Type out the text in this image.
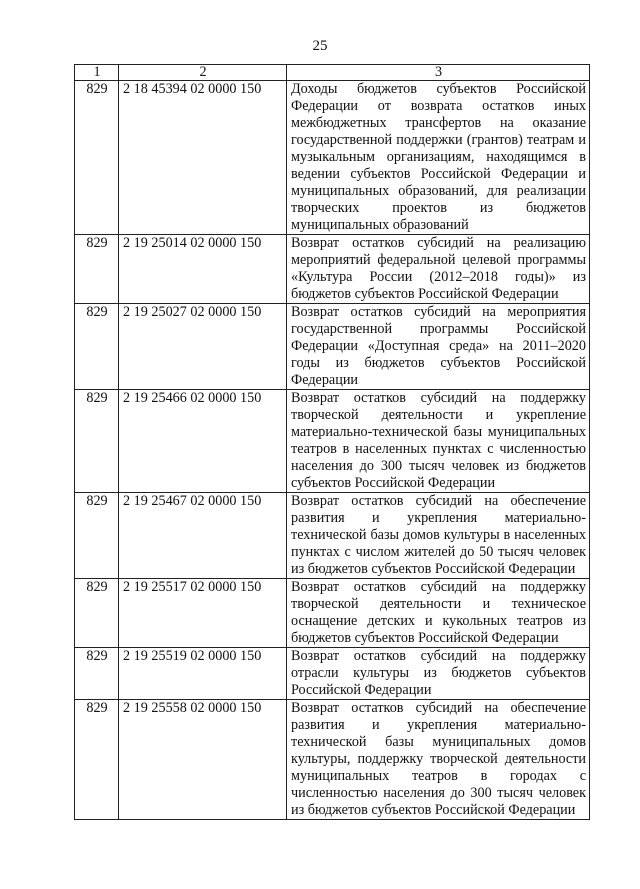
25
1	2	3
829	2 18 45394 02 0000 150	Доходы бюджетов субъектов Российской Федерации от возврата остатков иных межбюджетных трансфертов на оказание государственной поддержки (грантов) театрам и музыкальным организациям, находящимся в ведении субъектов Российской Федерации и муниципальных образований, для реализации творческих проектов из бюджетов муниципальных образований
829	2 19 25014 02 0000 150	Возврат остатков субсидий на реализацию мероприятий федеральной целевой программы «Культура России (2012–2018 годы)» из бюджетов субъектов Российской Федерации
829	2 19 25027 02 0000 150	Возврат остатков субсидий на мероприятия государственной программы Российской Федерации «Доступная среда» на 2011–2020 годы из бюджетов субъектов Российской Федерации
829	2 19 25466 02 0000 150	Возврат остатков субсидий на поддержку творческой деятельности и укрепление материально-технической базы муниципальных театров в населенных пунктах с численностью населения до 300 тысяч человек из бюджетов субъектов Российской Федерации
829	2 19 25467 02 0000 150	Возврат остатков субсидий на обеспечение развития и укрепления материально-технической базы домов культуры в населенных пунктах с числом жителей до 50 тысяч человек из бюджетов субъектов Российской Федерации
829	2 19 25517 02 0000 150	Возврат остатков субсидий на поддержку творческой деятельности и техническое оснащение детских и кукольных театров из бюджетов субъектов Российской Федерации
829	2 19 25519 02 0000 150	Возврат остатков субсидий на поддержку отрасли культуры из бюджетов субъектов Российской Федерации
829	2 19 25558 02 0000 150	Возврат остатков субсидий на обеспечение развития и укрепления материально-технической базы муниципальных домов культуры, поддержку творческой деятельности муниципальных театров в городах с численностью населения до 300 тысяч человек из бюджетов субъектов Российской Федерации
